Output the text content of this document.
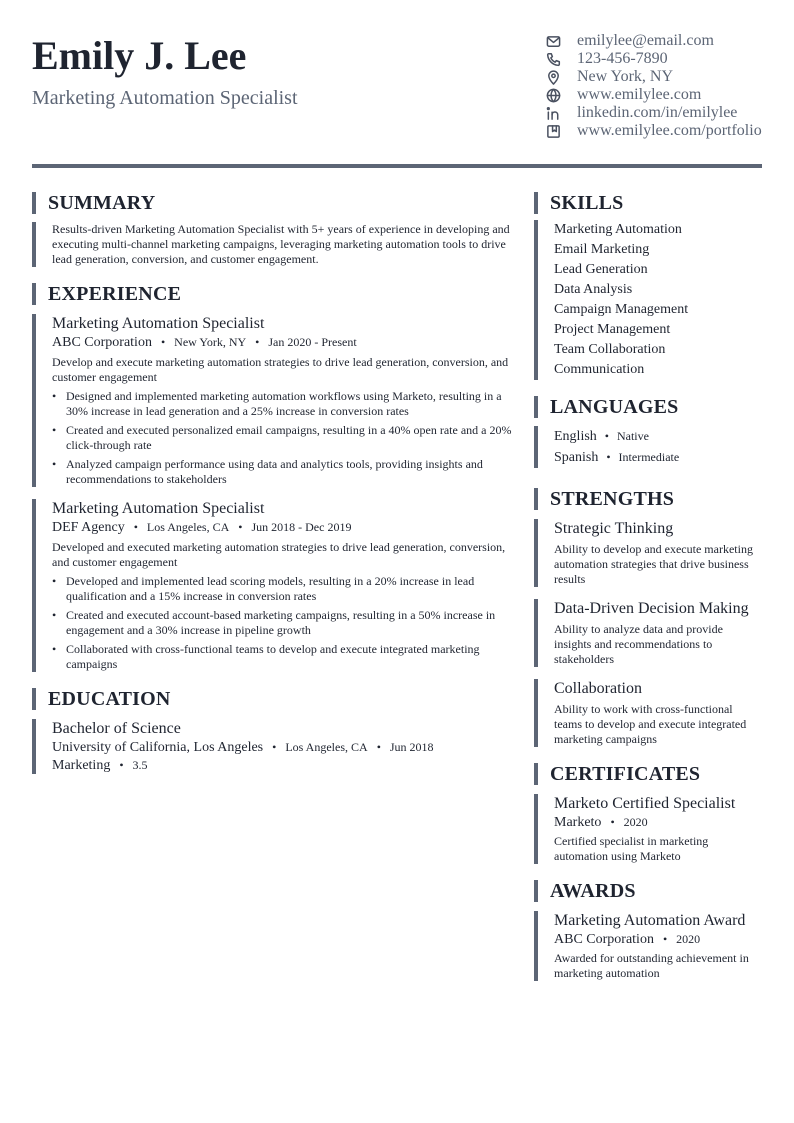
Emily J. Lee
Marketing Automation Specialist
emilylee@email.com
123-456-7890
New York, NY
www.emilylee.com
linkedin.com/in/emilylee
www.emilylee.com/portfolio
SUMMARY
Results-driven Marketing Automation Specialist with 5+ years of experience in developing and executing multi-channel marketing campaigns, leveraging marketing automation tools to drive lead generation, conversion, and customer engagement.
EXPERIENCE
Marketing Automation Specialist
ABC Corporation • New York, NY • Jan 2020 - Present
Develop and execute marketing automation strategies to drive lead generation, conversion, and customer engagement
• Designed and implemented marketing automation workflows using Marketo, resulting in a 30% increase in lead generation and a 25% increase in conversion rates
• Created and executed personalized email campaigns, resulting in a 40% open rate and a 20% click-through rate
• Analyzed campaign performance using data and analytics tools, providing insights and recommendations to stakeholders
Marketing Automation Specialist
DEF Agency • Los Angeles, CA • Jun 2018 - Dec 2019
Developed and executed marketing automation strategies to drive lead generation, conversion, and customer engagement
• Developed and implemented lead scoring models, resulting in a 20% increase in lead qualification and a 15% increase in conversion rates
• Created and executed account-based marketing campaigns, resulting in a 50% increase in engagement and a 30% increase in pipeline growth
• Collaborated with cross-functional teams to develop and execute integrated marketing campaigns
EDUCATION
Bachelor of Science
University of California, Los Angeles • Los Angeles, CA • Jun 2018
Marketing • 3.5
SKILLS
Marketing Automation
Email Marketing
Lead Generation
Data Analysis
Campaign Management
Project Management
Team Collaboration
Communication
LANGUAGES
English • Native
Spanish • Intermediate
STRENGTHS
Strategic Thinking
Ability to develop and execute marketing automation strategies that drive business results
Data-Driven Decision Making
Ability to analyze data and provide insights and recommendations to stakeholders
Collaboration
Ability to work with cross-functional teams to develop and execute integrated marketing campaigns
CERTIFICATES
Marketo Certified Specialist
Marketo • 2020
Certified specialist in marketing automation using Marketo
AWARDS
Marketing Automation Award
ABC Corporation • 2020
Awarded for outstanding achievement in marketing automation
